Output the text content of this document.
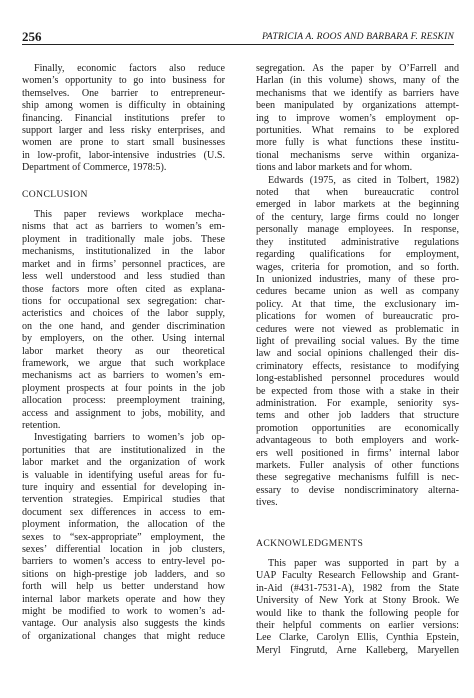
256	PATRICIA A. ROOS AND BARBARA F. RESKIN
Finally, economic factors also reduce
women’s opportunity to go into business for
themselves. One barrier to entrepreneur-
ship among women is difficulty in obtaining
financing. Financial institutions prefer to
support larger and less risky enterprises, and
women are prone to start small businesses
in low-profit, labor-intensive industries (U.S.
Department of Commerce, 1978:5).
CONCLUSION
This paper reviews workplace mecha-
nisms that act as barriers to women’s em-
ployment in traditionally male jobs. These
mechanisms, institutionalized in the labor
market and in firms’ personnel practices, are
less well understood and less studied than
those factors more often cited as explana-
tions for occupational sex segregation: char-
acteristics and choices of the labor supply,
on the one hand, and gender discrimination
by employers, on the other. Using internal
labor market theory as our theoretical
framework, we argue that such workplace
mechanisms act as barriers to women’s em-
ployment prospects at four points in the job
allocation process: preemployment training,
access and assignment to jobs, mobility, and
retention.
Investigating barriers to women’s job op-
portunities that are institutionalized in the
labor market and the organization of work
is valuable in identifying useful areas for fu-
ture inquiry and essential for developing in-
tervention strategies. Empirical studies that
document sex differences in access to em-
ployment information, the allocation of the
sexes to “sex-appropriate” employment, the
sexes’ differential location in job clusters,
barriers to women’s access to entry-level po-
sitions on high-prestige job ladders, and so
forth will help us better understand how
internal labor markets operate and how they
might be modified to work to women’s ad-
vantage. Our analysis also suggests the kinds
of organizational changes that might reduce
segregation. As the paper by O’Farrell and
Harlan (in this volume) shows, many of the
mechanisms that we identify as barriers have
been manipulated by organizations attempt-
ing to improve women’s employment op-
portunities. What remains to be explored
more fully is what functions these institu-
tional mechanisms serve within organiza-
tions and labor markets and for whom.
Edwards (1975, as cited in Tolbert, 1982)
noted that when bureaucratic control
emerged in labor markets at the beginning
of the century, large firms could no longer
personally manage employees. In response,
they instituted administrative regulations
regarding qualifications for employment,
wages, criteria for promotion, and so forth.
In unionized industries, many of these pro-
cedures became union as well as company
policy. At that time, the exclusionary im-
plications for women of bureaucratic pro-
cedures were not viewed as problematic in
light of prevailing social values. By the time
law and social opinions challenged their dis-
criminatory effects, resistance to modifying
long-established personnel procedures would
be expected from those with a stake in their
administration. For example, seniority sys-
tems and other job ladders that structure
promotion opportunities are economically
advantageous to both employers and work-
ers well positioned in firms’ internal labor
markets. Fuller analysis of other functions
these segregative mechanisms fulfill is nec-
essary to devise nondiscriminatory alterna-
tives.
ACKNOWLEDGMENTS
This paper was supported in part by a
UAP Faculty Research Fellowship and Grant-
in-Aid (#431-7531-A), 1982 from the State
University of New York at Stony Brook. We
would like to thank the following people for
their helpful comments on earlier versions:
Lee Clarke, Carolyn Ellis, Cynthia Epstein,
Meryl Fingrutd, Arne Kalleberg, Maryellen
